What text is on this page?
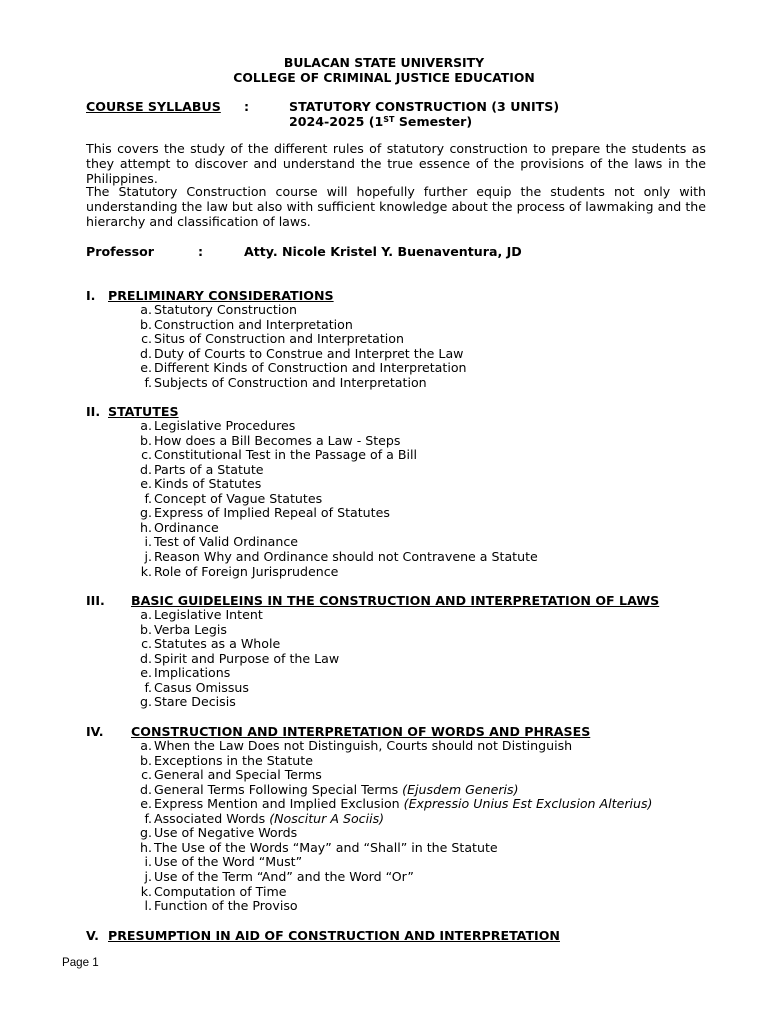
BULACAN STATE UNIVERSITY
COLLEGE OF CRIMINAL JUSTICE EDUCATION
COURSE SYLLABUS :	STATUTORY CONSTRUCTION (3 UNITS)
2024-2025 (1ST Semester)
This covers the study of the different rules of statutory construction to prepare the students as they attempt to discover and understand the true essence of the provisions of the laws in the Philippines.
The Statutory Construction course will hopefully further equip the students not only with understanding the law but also with sufficient knowledge about the process of lawmaking and the hierarchy and classification of laws.
Professor	:	Atty. Nicole Kristel Y. Buenaventura, JD
I. PRELIMINARY CONSIDERATIONS
a. Statutory Construction
b. Construction and Interpretation
c. Situs of Construction and Interpretation
d. Duty of Courts to Construe and Interpret the Law
e. Different Kinds of Construction and Interpretation
f. Subjects of Construction and Interpretation
II. STATUTES
a. Legislative Procedures
b. How does a Bill Becomes a Law - Steps
c. Constitutional Test in the Passage of a Bill
d. Parts of a Statute
e. Kinds of Statutes
f. Concept of Vague Statutes
g. Express of Implied Repeal of Statutes
h. Ordinance
i. Test of Valid Ordinance
j. Reason Why and Ordinance should not Contravene a Statute
k. Role of Foreign Jurisprudence
III. BASIC GUIDELEINS IN THE CONSTRUCTION AND INTERPRETATION OF LAWS
a. Legislative Intent
b. Verba Legis
c. Statutes as a Whole
d. Spirit and Purpose of the Law
e. Implications
f. Casus Omissus
g. Stare Decisis
IV. CONSTRUCTION AND INTERPRETATION OF WORDS AND PHRASES
a. When the Law Does not Distinguish, Courts should not Distinguish
b. Exceptions in the Statute
c. General and Special Terms
d. General Terms Following Special Terms (Ejusdem Generis)
e. Express Mention and Implied Exclusion (Expressio Unius Est Exclusion Alterius)
f. Associated Words (Noscitur A Sociis)
g. Use of Negative Words
h. The Use of the Words “May” and “Shall” in the Statute
i. Use of the Word “Must”
j. Use of the Term “And” and the Word “Or”
k. Computation of Time
l. Function of the Proviso
V. PRESUMPTION IN AID OF CONSTRUCTION AND INTERPRETATION
Page 1
